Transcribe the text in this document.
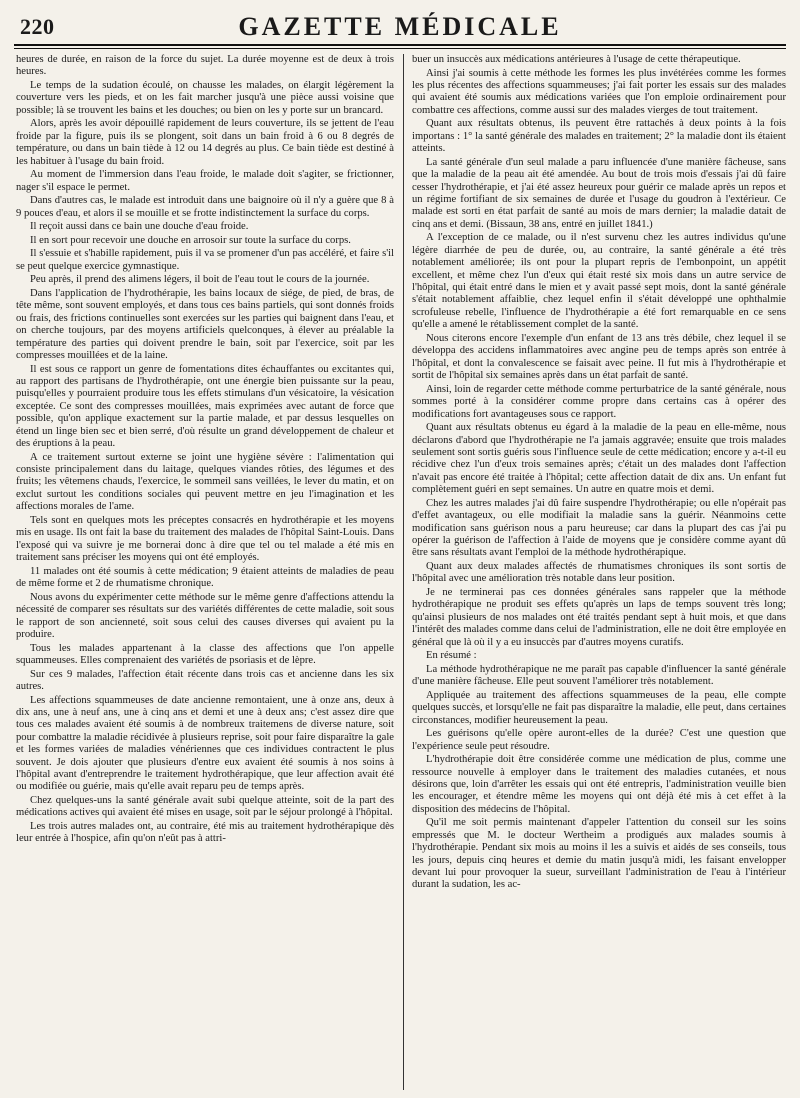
220	GAZETTE MÉDICALE

heures de durée, en raison de la force du sujet. La durée moyenne est de deux à trois heures.

Le temps de la sudation écoulé, on chausse les malades, on élargit légèrement la couverture vers les pieds, et on les fait marcher jusqu'à une pièce aussi voisine que possible; là se trouvent les bains et les douches; ou bien on les y porte sur un brancard.

Alors, après les avoir dépouillé rapidement de leurs couverture, ils se jettent de l'eau froide par la figure, puis ils se plongent, soit dans un bain froid à 6 ou 8 degrés de température, ou dans un bain tiède à 12 ou 14 degrés au plus. Ce bain tiède est destiné à les habituer à l'usage du bain froid.

Au moment de l'immersion dans l'eau froide, le malade doit s'agiter, se frictionner, nager s'il espace le permet.

Dans d'autres cas, le malade est introduit dans une baignoire où il n'y a guère que 8 à 9 pouces d'eau, et alors il se mouille et se frotte indistinctement la surface du corps.

Il reçoit aussi dans ce bain une douche d'eau froide.

Il en sort pour recevoir une douche en arrosoir sur toute la surface du corps.

Il s'essuie et s'habille rapidement, puis il va se promener d'un pas accéléré, et faire s'il se peut quelque exercice gymnastique.

Peu après, il prend des alimens légers, il boit de l'eau tout le cours de la journée.

Dans l'application de l'hydrothérapie, les bains locaux de siége, de pied, de bras, de tête même, sont souvent employés, et dans tous ces bains partiels, qui sont donnés froids ou frais, des frictions continuelles sont exercées sur les parties qui baignent dans l'eau, et on cherche toujours, par des moyens artificiels quelconques, à élever au préalable la température des parties qui doivent prendre le bain, soit par l'exercice, soit par les compresses mouillées et de la laine.

Il est sous ce rapport un genre de fomentations dites échauffantes ou excitantes qui, au rapport des partisans de l'hydrothérapie, ont une énergie bien puissante sur la peau, puisqu'elles y pourraient produire tous les effets stimulans d'un vésicatoire, la vésication exceptée. Ce sont des compresses mouillées, mais exprimées avec autant de force que possible, qu'on applique exactement sur la partie malade, et par dessus lesquelles on étend un linge bien sec et bien serré, d'où résulte un grand développement de chaleur et des éruptions à la peau.

A ce traitement surtout externe se joint une hygiène sévère : l'alimentation qui consiste principalement dans du laitage, quelques viandes rôties, des légumes et des fruits; les vêtemens chauds, l'exercice, le sommeil sans veillées, le lever du matin, et on exclut surtout les conditions sociales qui peuvent mettre en jeu l'imagination et les affections morales de l'ame.

Tels sont en quelques mots les préceptes consacrés en hydrothérapie et les moyens mis en usage. Ils ont fait la base du traitement des malades de l'hôpital Saint-Louis. Dans l'exposé qui va suivre je me bornerai donc à dire que tel ou tel malade a été mis en traitement sans préciser les moyens qui ont été employés.

11 malades ont été soumis à cette médication; 9 étaient atteints de maladies de peau de même forme et 2 de rhumatisme chronique.

Nous avons du expérimenter cette méthode sur le même genre d'affections attendu la nécessité de comparer ses résultats sur des variétés différentes de cette maladie, soit sous le rapport de son ancienneté, soit sous celui des causes diverses qui avaient pu la produire.

Tous les malades appartenant à la classe des affections que l'on appelle squammeuses. Elles comprenaient des variétés de psoriasis et de lèpre.

Sur ces 9 malades, l'affection était récente dans trois cas et ancienne dans les six autres.

Les affections squammeuses de date ancienne remontaient, une à onze ans, deux à dix ans, une à neuf ans, une à cinq ans et demi et une à deux ans; c'est assez dire que tous ces malades avaient été soumis à de nombreux traitemens de diverse nature, soit pour combattre la maladie récidivée à plusieurs reprise, soit pour faire disparaître la gale et les formes variées de maladies vénériennes que ces individues contractent le plus souvent. Je dois ajouter que plusieurs d'entre eux avaient été soumis à nos soins à l'hôpital avant d'entreprendre le traitement hydrothérapique, que leur affection avait été ou modifiée ou guérie, mais qu'elle avait reparu peu de temps après.

Chez quelques-uns la santé générale avait subi quelque atteinte, soit de la part des médications actives qui avaient été mises en usage, soit par le séjour prolongé à l'hôpital.

Les trois autres malades ont, au contraire, été mis au traitement hydrothérapique dès leur entrée à l'hospice, afin qu'on n'eût pas à attri-

buer un insuccès aux médications antérieures à l'usage de cette thérapeutique.

Ainsi j'ai soumis à cette méthode les formes les plus invétérées comme les formes les plus récentes des affections squammeuses; j'ai fait porter les essais sur des malades qui avaient été soumis aux médications variées que l'on emploie ordinairement pour combattre ces affections, comme aussi sur des malades vierges de tout traitement.

Quant aux résultats obtenus, ils peuvent être rattachés à deux points à la fois importans : 1° la santé générale des malades en traitement; 2° la maladie dont ils étaient atteints.

La santé générale d'un seul malade a paru influencée d'une manière fâcheuse, sans que la maladie de la peau ait été amendée. Au bout de trois mois d'essais j'ai dû faire cesser l'hydrothérapie, et j'ai été assez heureux pour guérir ce malade après un repos et un régime fortifiant de six semaines de durée et l'usage du goudron à l'extérieur. Ce malade est sorti en état parfait de santé au mois de mars dernier; la maladie datait de cinq ans et demi. (Bissaun, 38 ans, entré en juillet 1841.)

A l'exception de ce malade, ou il n'est survenu chez les autres individus qu'une légère diarrhée de peu de durée, ou, au contraire, la santé générale a été très notablement améliorée; ils ont pour la plupart repris de l'embonpoint, un appétit excellent, et même chez l'un d'eux qui était resté six mois dans un autre service de l'hôpital, qui était entré dans le mien et y avait passé sept mois, dont la santé générale s'était notablement affaiblie, chez lequel enfin il s'était développé une ophthalmie scrofuleuse rebelle, l'influence de l'hydrothérapie a été fort remarquable en ce sens qu'elle a amené le rétablissement complet de la santé.

Nous citerons encore l'exemple d'un enfant de 13 ans très débile, chez lequel il se développa des accidens inflammatoires avec angine peu de temps après son entrée à l'hôpital, et dont la convalescence se faisait avec peine. Il fut mis à l'hydrothérapie et sortit de l'hôpital six semaines après dans un état parfait de santé.

Ainsi, loin de regarder cette méthode comme perturbatrice de la santé générale, nous sommes porté à la considérer comme propre dans certains cas à opérer des modifications fort avantageuses sous ce rapport.

Quant aux résultats obtenus eu égard à la maladie de la peau en elle-même, nous déclarons d'abord que l'hydrothérapie ne l'a jamais aggravée; ensuite que trois malades seulement sont sortis guéris sous l'influence seule de cette médication; encore y a-t-il eu récidive chez l'un d'eux trois semaines après; c'était un des malades dont l'affection n'avait pas encore été traitée à l'hôpital; cette affection datait de dix ans. Un enfant fut complètement guéri en sept semaines. Un autre en quatre mois et demi.

Chez les autres malades j'ai dû faire suspendre l'hydrothérapie; ou elle n'opérait pas d'effet avantageux, ou elle modifiait la maladie sans la guérir. Néanmoins cette modification sans guérison nous a paru heureuse; car dans la plupart des cas j'ai pu opérer la guérison de l'affection à l'aide de moyens que je considère comme ayant dû être sans résultats avant l'emploi de la méthode hydrothérapique.

Quant aux deux malades affectés de rhumatismes chroniques ils sont sortis de l'hôpital avec une amélioration très notable dans leur position.

Je ne terminerai pas ces données générales sans rappeler que la méthode hydrothérapique ne produit ses effets qu'après un laps de temps souvent très long; qu'ainsi plusieurs de nos malades ont été traités pendant sept à huit mois, et que dans l'intérêt des malades comme dans celui de l'administration, elle ne doit être employée en général que là où il y a eu insuccès par d'autres moyens curatifs.

En résumé :

La méthode hydrothérapique ne me paraît pas capable d'influencer la santé générale d'une manière fâcheuse. Elle peut souvent l'améliorer très notablement.

Appliquée au traitement des affections squammeuses de la peau, elle compte quelques succès, et lorsqu'elle ne fait pas disparaître la maladie, elle peut, dans certaines circonstances, modifier heureusement la peau.

Les guérisons qu'elle opère auront-elles de la durée? C'est une question que l'expérience seule peut résoudre.

L'hydrothérapie doit être considérée comme une médication de plus, comme une ressource nouvelle à employer dans le traitement des maladies cutanées, et nous désirons que, loin d'arrêter les essais qui ont été entrepris, l'administration veuille bien les encourager, et étendre même les moyens qui ont déjà été mis à cet effet à la disposition des médecins de l'hôpital.

Qu'il me soit permis maintenant d'appeler l'attention du conseil sur les soins empressés que M. le docteur Wertheim a prodigués aux malades soumis à l'hydrothérapie. Pendant six mois au moins il les a suivis et aidés de ses conseils, tous les jours, depuis cinq heures et demie du matin jusqu'à midi, les faisant envelopper devant lui pour provoquer la sueur, surveillant l'administration de l'eau à l'intérieur durant la sudation, les ac-
